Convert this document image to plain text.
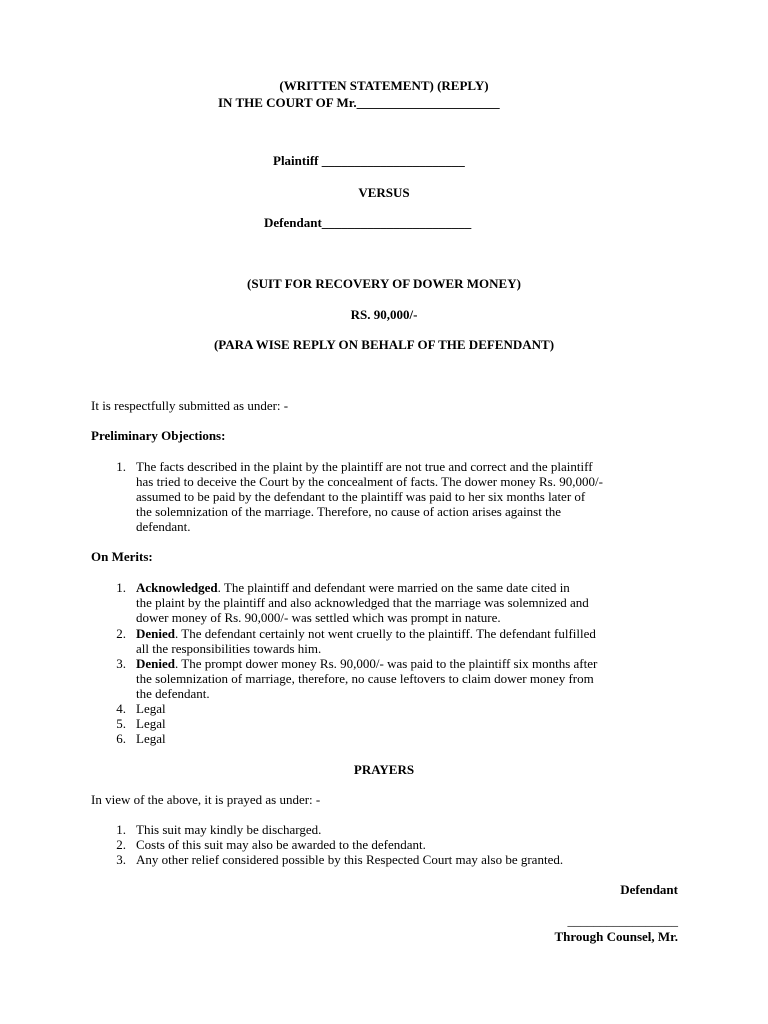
(WRITTEN STATEMENT) (REPLY)
IN THE COURT OF Mr.______________________
Plaintiff ______________________
VERSUS
Defendant_______________________
(SUIT FOR RECOVERY OF DOWER MONEY)
RS. 90,000/-
(PARA WISE REPLY ON BEHALF OF THE DEFENDANT)
It is respectfully submitted as under: -
Preliminary Objections:
1. The facts described in the plaint by the plaintiff are not true and correct and the plaintiff
has tried to deceive the Court by the concealment of facts. The dower money Rs. 90,000/-
assumed to be paid by the defendant to the plaintiff was paid to her six months later of
the solemnization of the marriage. Therefore, no cause of action arises against the
defendant.
On Merits:
1. Acknowledged. The plaintiff and defendant were married on the same date cited in
the plaint by the plaintiff and also acknowledged that the marriage was solemnized and
dower money of Rs. 90,000/- was settled which was prompt in nature.
2. Denied. The defendant certainly not went cruelly to the plaintiff. The defendant fulfilled
all the responsibilities towards him.
3. Denied. The prompt dower money Rs. 90,000/- was paid to the plaintiff six months after
the solemnization of marriage, therefore, no cause leftovers to claim dower money from
the defendant.
4. Legal
5. Legal
6. Legal
PRAYERS
In view of the above, it is prayed as under: -
1. This suit may kindly be discharged.
2. Costs of this suit may also be awarded to the defendant.
3. Any other relief considered possible by this Respected Court may also be granted.
Defendant
_________________
Through Counsel, Mr.
